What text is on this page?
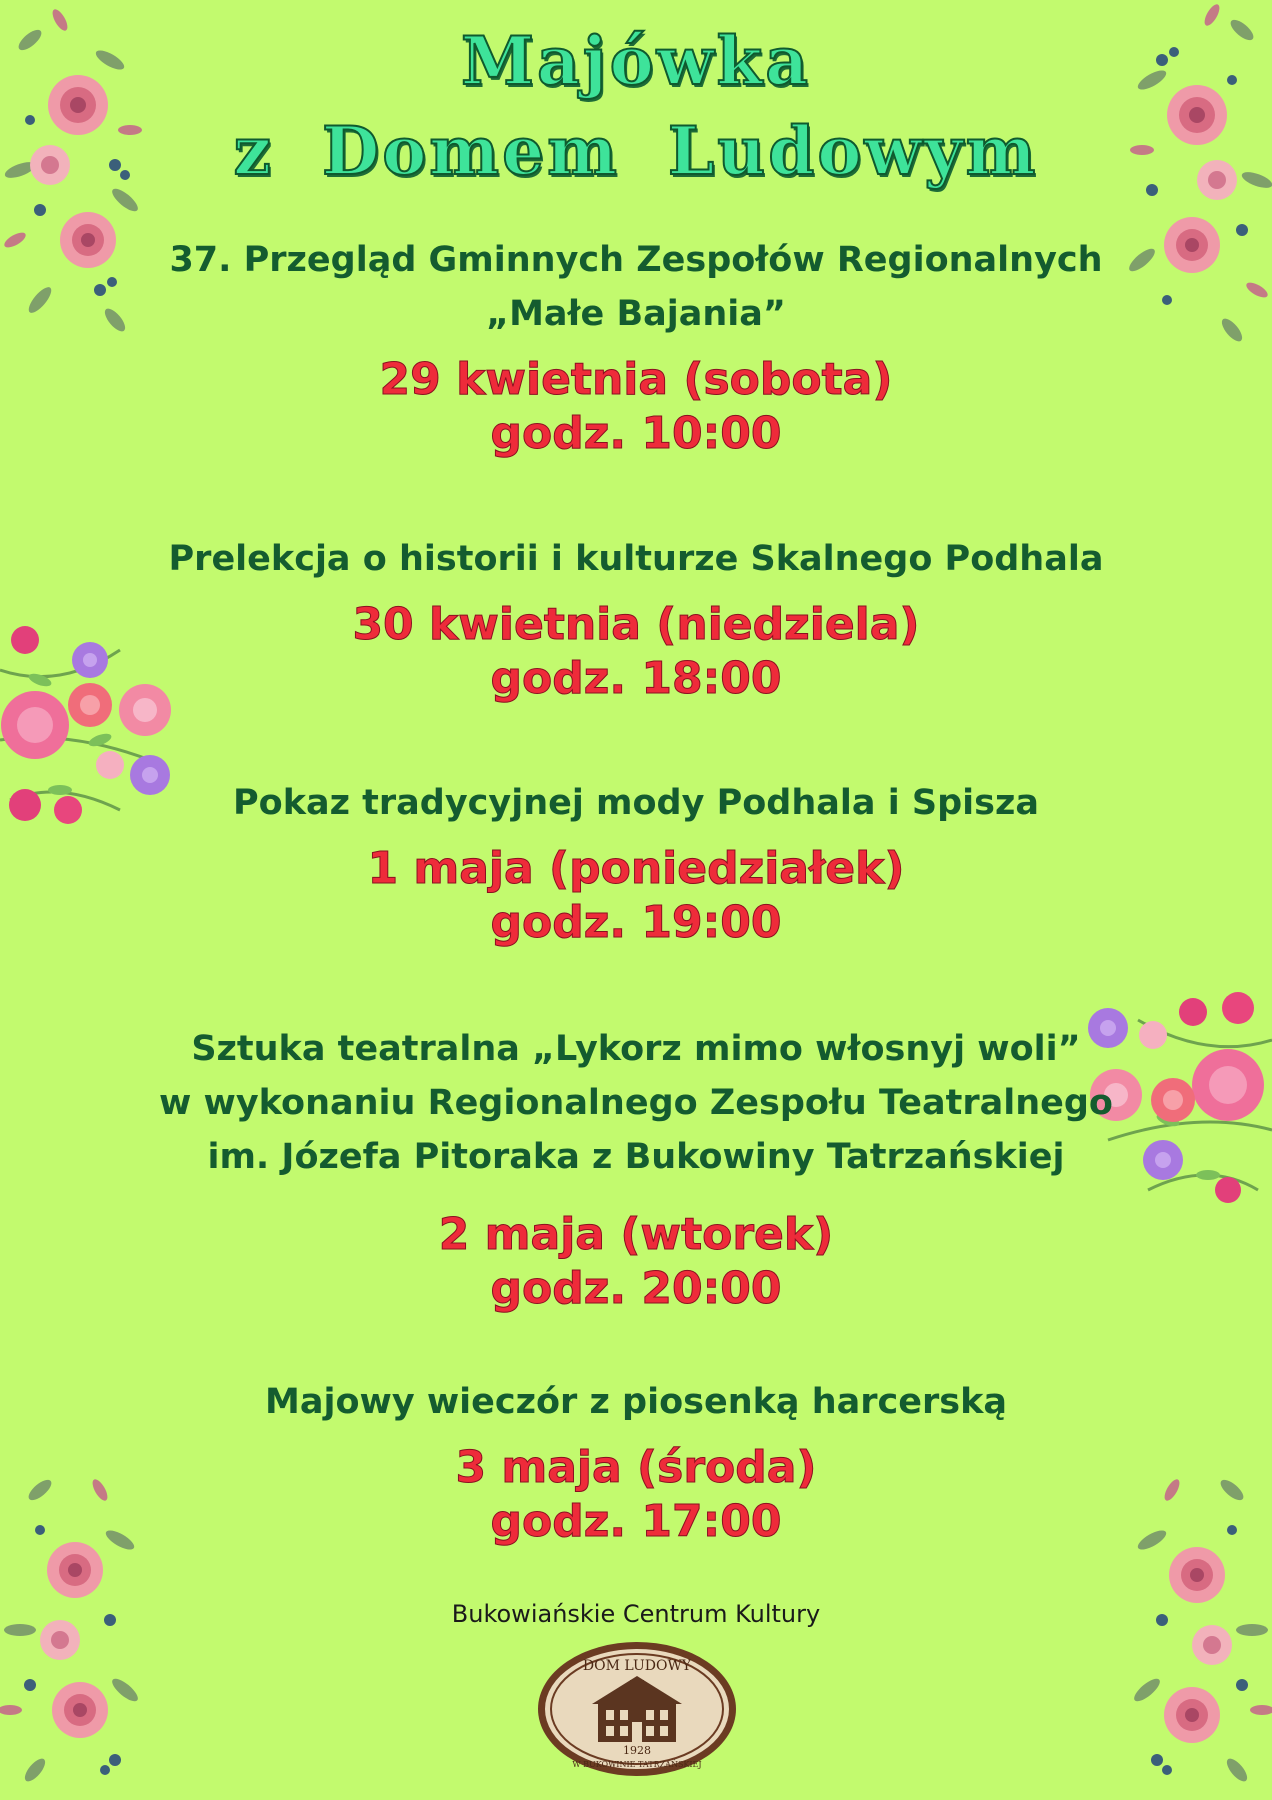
Majówka
z Domem Ludowym

37. Przegląd Gminnych Zespołów Regionalnych

„Małe Bajania”

29 kwietnia (sobota)

godz. 10:00

Prelekcja o historii i kulturze Skalnego Podhala

30 kwietnia (niedziela)

godz. 18:00

Pokaz tradycyjnej mody Podhala i Spisza

1 maja (poniedziałek)

godz. 19:00

Sztuka teatralna „Lykorz mimo włosnyj woli”

w wykonaniu Regionalnego Zespołu Teatralnego

im. Józefa Pitoraka z Bukowiny Tatrzańskiej

2 maja (wtorek)

godz. 20:00

Majowy wieczór z piosenką harcerską

3 maja (środa)

godz. 17:00

Bukowiańskie Centrum Kultury
DOM LUDOWY
1928
W BUKOWINIE TATRZAŃSKIEJ
